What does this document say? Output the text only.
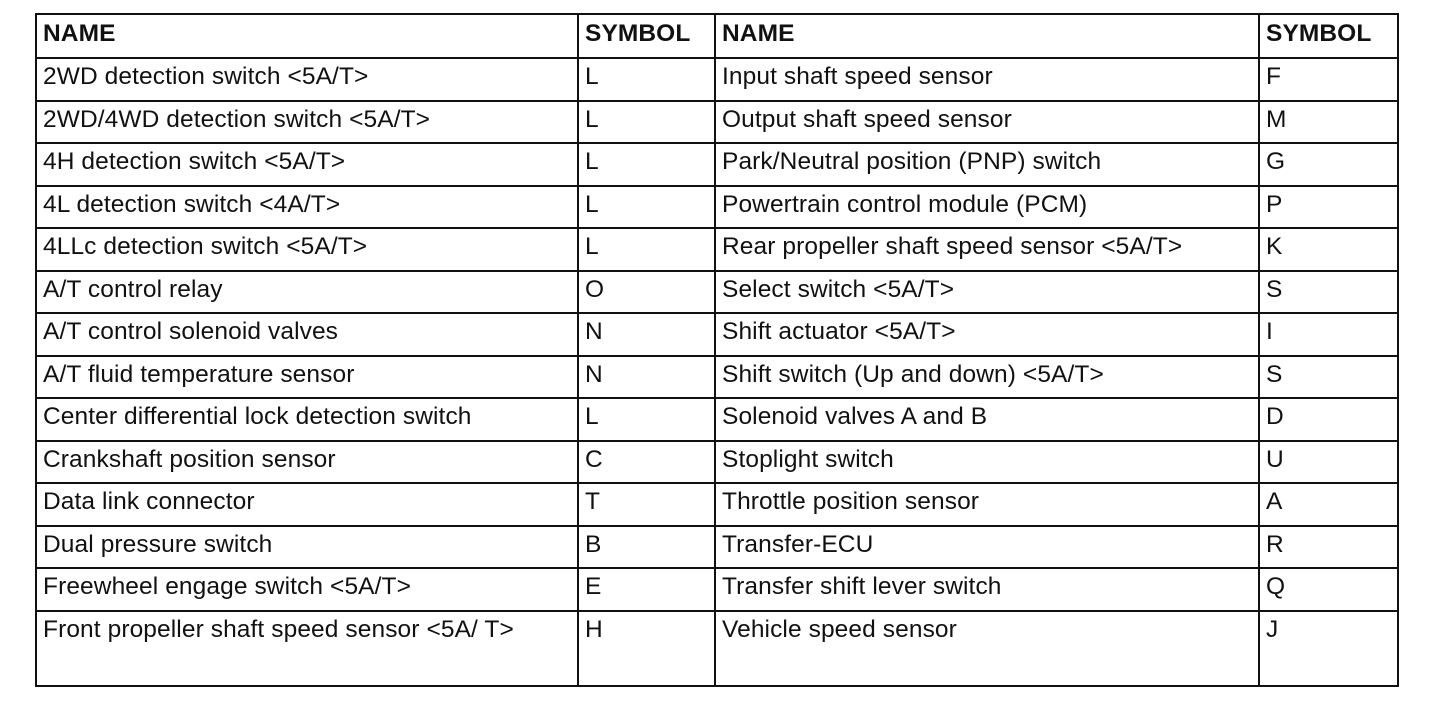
NAME	SYMBOL	NAME	SYMBOL
2WD detection switch <5A/T>	L	Input shaft speed sensor	F
2WD/4WD detection switch <5A/T>	L	Output shaft speed sensor	M
4H detection switch <5A/T>	L	Park/Neutral position (PNP) switch	G
4L detection switch <4A/T>	L	Powertrain control module (PCM)	P
4LLc detection switch <5A/T>	L	Rear propeller shaft speed sensor <5A/T>	K
A/T control relay	O	Select switch <5A/T>	S
A/T control solenoid valves	N	Shift actuator <5A/T>	I
A/T fluid temperature sensor	N	Shift switch (Up and down) <5A/T>	S
Center differential lock detection switch	L	Solenoid valves A and B	D
Crankshaft position sensor	C	Stoplight switch	U
Data link connector	T	Throttle position sensor	A
Dual pressure switch	B	Transfer-ECU	R
Freewheel engage switch <5A/T>	E	Transfer shift lever switch	Q
Front propeller shaft speed sensor <5A/ T>	H	Vehicle speed sensor	J
